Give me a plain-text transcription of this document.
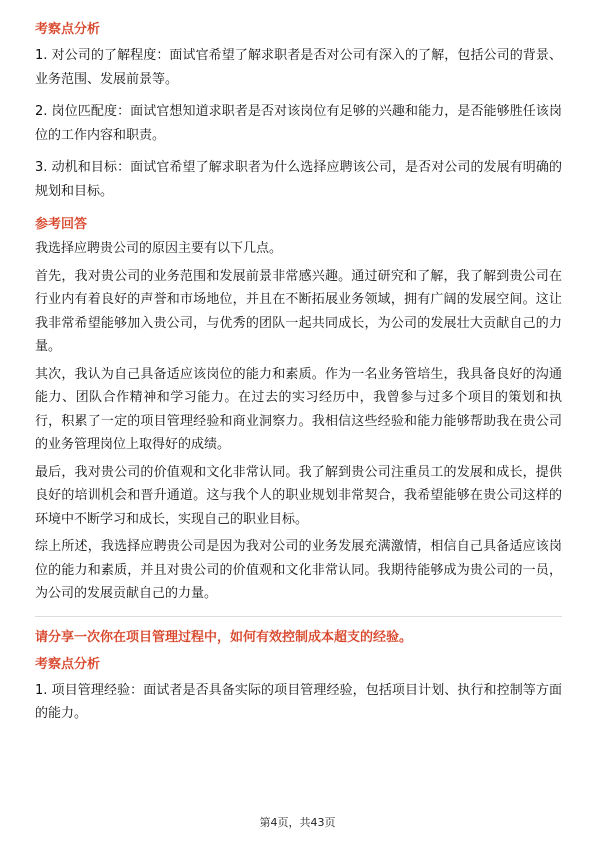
考察点分析

1. 对公司的了解程度：面试官希望了解求职者是否对公司有深入的了解，包括公司的背景、业务范围、发展前景等。

2. 岗位匹配度：面试官想知道求职者是否对该岗位有足够的兴趣和能力，是否能够胜任该岗位的工作内容和职责。

3. 动机和目标：面试官希望了解求职者为什么选择应聘该公司，是否对公司的发展有明确的规划和目标。

参考回答

我选择应聘贵公司的原因主要有以下几点。

首先，我对贵公司的业务范围和发展前景非常感兴趣。通过研究和了解，我了解到贵公司在行业内有着良好的声誉和市场地位，并且在不断拓展业务领域，拥有广阔的发展空间。这让我非常希望能够加入贵公司，与优秀的团队一起共同成长，为公司的发展壮大贡献自己的力量。

其次，我认为自己具备适应该岗位的能力和素质。作为一名业务管培生，我具备良好的沟通能力、团队合作精神和学习能力。在过去的实习经历中，我曾参与过多个项目的策划和执行，积累了一定的项目管理经验和商业洞察力。我相信这些经验和能力能够帮助我在贵公司的业务管理岗位上取得好的成绩。

最后，我对贵公司的价值观和文化非常认同。我了解到贵公司注重员工的发展和成长，提供良好的培训机会和晋升通道。这与我个人的职业规划非常契合，我希望能够在贵公司这样的环境中不断学习和成长，实现自己的职业目标。

综上所述，我选择应聘贵公司是因为我对公司的业务发展充满激情，相信自己具备适应该岗位的能力和素质，并且对贵公司的价值观和文化非常认同。我期待能够成为贵公司的一员，为公司的发展贡献自己的力量。

请分享一次你在项目管理过程中，如何有效控制成本超支的经验。

考察点分析

1. 项目管理经验：面试者是否具备实际的项目管理经验，包括项目计划、执行和控制等方面的能力。

第4页，共43页
